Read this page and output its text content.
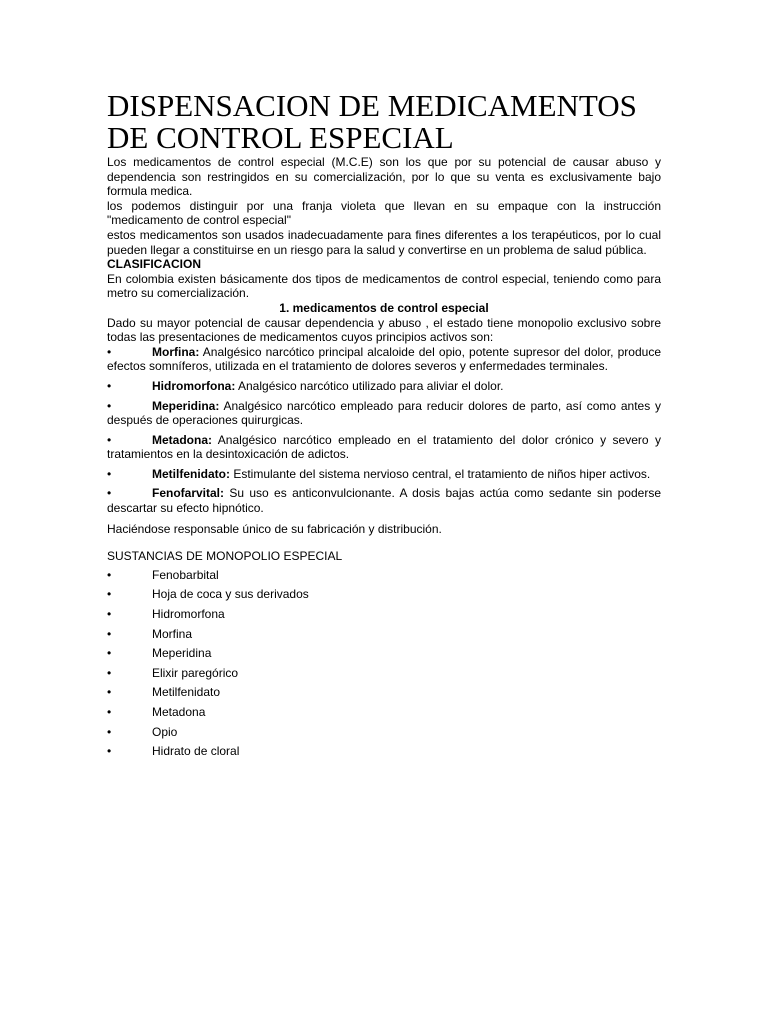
DISPENSACION DE MEDICAMENTOS DE CONTROL ESPECIAL

Los medicamentos de control especial (M.C.E) son los que por su potencial de causar abuso y dependencia son restringidos en su comercialización, por lo que su venta es exclusivamente bajo formula medica.

los podemos distinguir por una franja violeta que llevan en su empaque con la instrucción "medicamento de control especial"

estos medicamentos son usados inadecuadamente para fines diferentes a los terapéuticos, por lo cual pueden llegar a constituirse en un riesgo para la salud y convertirse en un problema de salud pública.

CLASIFICACION

En colombia existen básicamente dos tipos de medicamentos de control especial, teniendo como para metro su comercialización.

1. medicamentos de control especial

Dado su mayor potencial de causar dependencia y abuso , el estado tiene monopolio exclusivo sobre todas las presentaciones de medicamentos cuyos principios activos son:

•	Morfina: Analgésico narcótico principal alcaloide del opio, potente supresor del dolor, produce efectos somníferos, utilizada en el tratamiento de dolores severos y enfermedades terminales.

•	Hidromorfona: Analgésico narcótico utilizado para aliviar el dolor.

•	Meperidina: Analgésico narcótico empleado para reducir dolores de parto, así como antes y después de operaciones quirurgicas.

•	Metadona: Analgésico narcótico empleado en el tratamiento del dolor crónico y severo y tratamientos en la desintoxicación de adictos.

•	Metilfenidato: Estimulante del sistema nervioso central, el tratamiento de niños hiper activos.

•	Fenofarvital: Su uso es anticonvulcionante. A dosis bajas actúa como sedante sin poderse descartar su efecto hipnótico.

Haciéndose responsable único de su fabricación y distribución.

SUSTANCIAS DE MONOPOLIO ESPECIAL

•	Fenobarbital
•	Hoja de coca y sus derivados
•	Hidromorfona
•	Morfina
•	Meperidina
•	Elixir paregórico
•	Metilfenidato
•	Metadona
•	Opio
•	Hidrato de cloral
